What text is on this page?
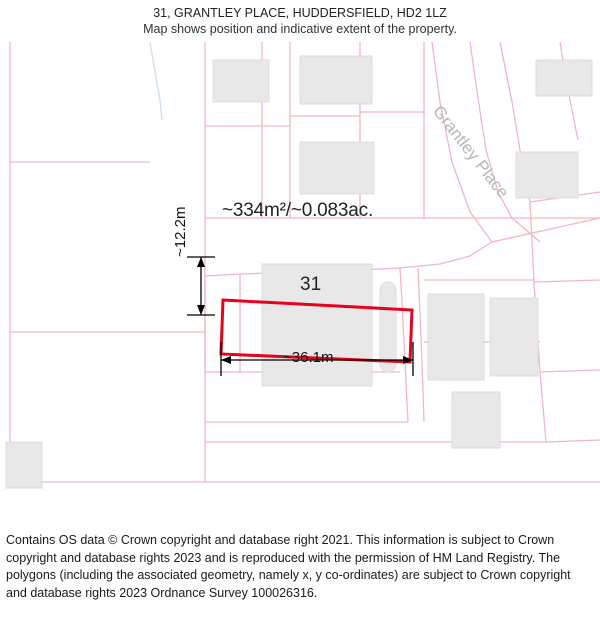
31, GRANTLEY PLACE, HUDDERSFIELD, HD2 1LZ
Map shows position and indicative extent of the property.
~334m²/~0.083ac.
31
~36.1m
~12.2m
Grantley Place
Contains OS data © Crown copyright and database right 2021. This information is subject to Crown copyright and database rights 2023 and is reproduced with the permission of HM Land Registry. The polygons (including the associated geometry, namely x, y co-ordinates) are subject to Crown copyright and database rights 2023 Ordnance Survey 100026316.
